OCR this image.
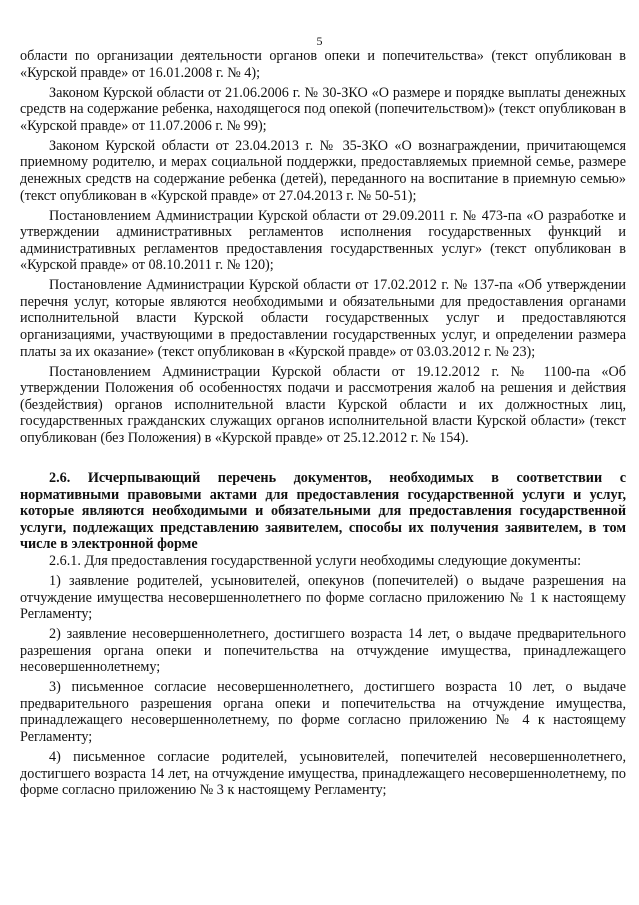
5

области по организации деятельности органов опеки и попечительства» (текст опубликован в «Курской правде» от 16.01.2008 г. № 4);

Законом Курской области от 21.06.2006 г. № 30-ЗКО «О размере и порядке выплаты денежных средств на содержание ребенка, находящегося под опекой (попечительством)» (текст опубликован в «Курской правде» от 11.07.2006 г. № 99);

Законом Курской области от 23.04.2013 г. № 35-ЗКО «О вознаграждении, причитающемся приемному родителю, и мерах социальной поддержки, предоставляемых приемной семье, размере денежных средств на содержание ребенка (детей), переданного на воспитание в приемную семью» (текст опубликован в «Курской правде» от 27.04.2013 г. № 50-51);

Постановлением Администрации Курской области от 29.09.2011 г. № 473-па «О разработке и утверждении административных регламентов исполнения государственных функций и административных регламентов предоставления государственных услуг» (текст опубликован в «Курской правде» от 08.10.2011 г. № 120);

Постановление Администрации Курской области от 17.02.2012 г. № 137-па «Об утверждении перечня услуг, которые являются необходимыми и обязательными для предоставления органами исполнительной власти Курской области государственных услуг и предоставляются организациями, участвующими в предоставлении государственных услуг, и определении размера платы за их оказание» (текст опубликован в «Курской правде» от 03.03.2012 г. № 23);

Постановлением Администрации Курской области от 19.12.2012 г. № 1100-па «Об утверждении Положения об особенностях подачи и рассмотрения жалоб на решения и действия (бездействия) органов исполнительной власти Курской области и их должностных лиц, государственных гражданских служащих органов исполнительной власти Курской области» (текст опубликован (без Положения) в «Курской правде» от 25.12.2012 г. № 154).

2.6. Исчерпывающий перечень документов, необходимых в соответствии с нормативными правовыми актами для предоставления государственной услуги и услуг, которые являются необходимыми и обязательными для предоставления государственной услуги, подлежащих представлению заявителем, способы их получения заявителем, в том числе в электронной форме

2.6.1. Для предоставления государственной услуги необходимы следующие документы:

1) заявление родителей, усыновителей, опекунов (попечителей) о выдаче разрешения на отчуждение имущества несовершеннолетнего по форме согласно приложению № 1 к настоящему Регламенту;

2) заявление несовершеннолетнего, достигшего возраста 14 лет, о выдаче предварительного разрешения органа опеки и попечительства на отчуждение имущества, принадлежащего несовершеннолетнему;

3) письменное согласие несовершеннолетнего, достигшего возраста 10 лет, о выдаче предварительного разрешения органа опеки и попечительства на отчуждение имущества, принадлежащего несовершеннолетнему, по форме согласно приложению № 4 к настоящему Регламенту;

4) письменное согласие родителей, усыновителей, попечителей несовершеннолетнего, достигшего возраста 14 лет, на отчуждение имущества, принадлежащего несовершеннолетнему, по форме согласно приложению № 3 к настоящему Регламенту;
